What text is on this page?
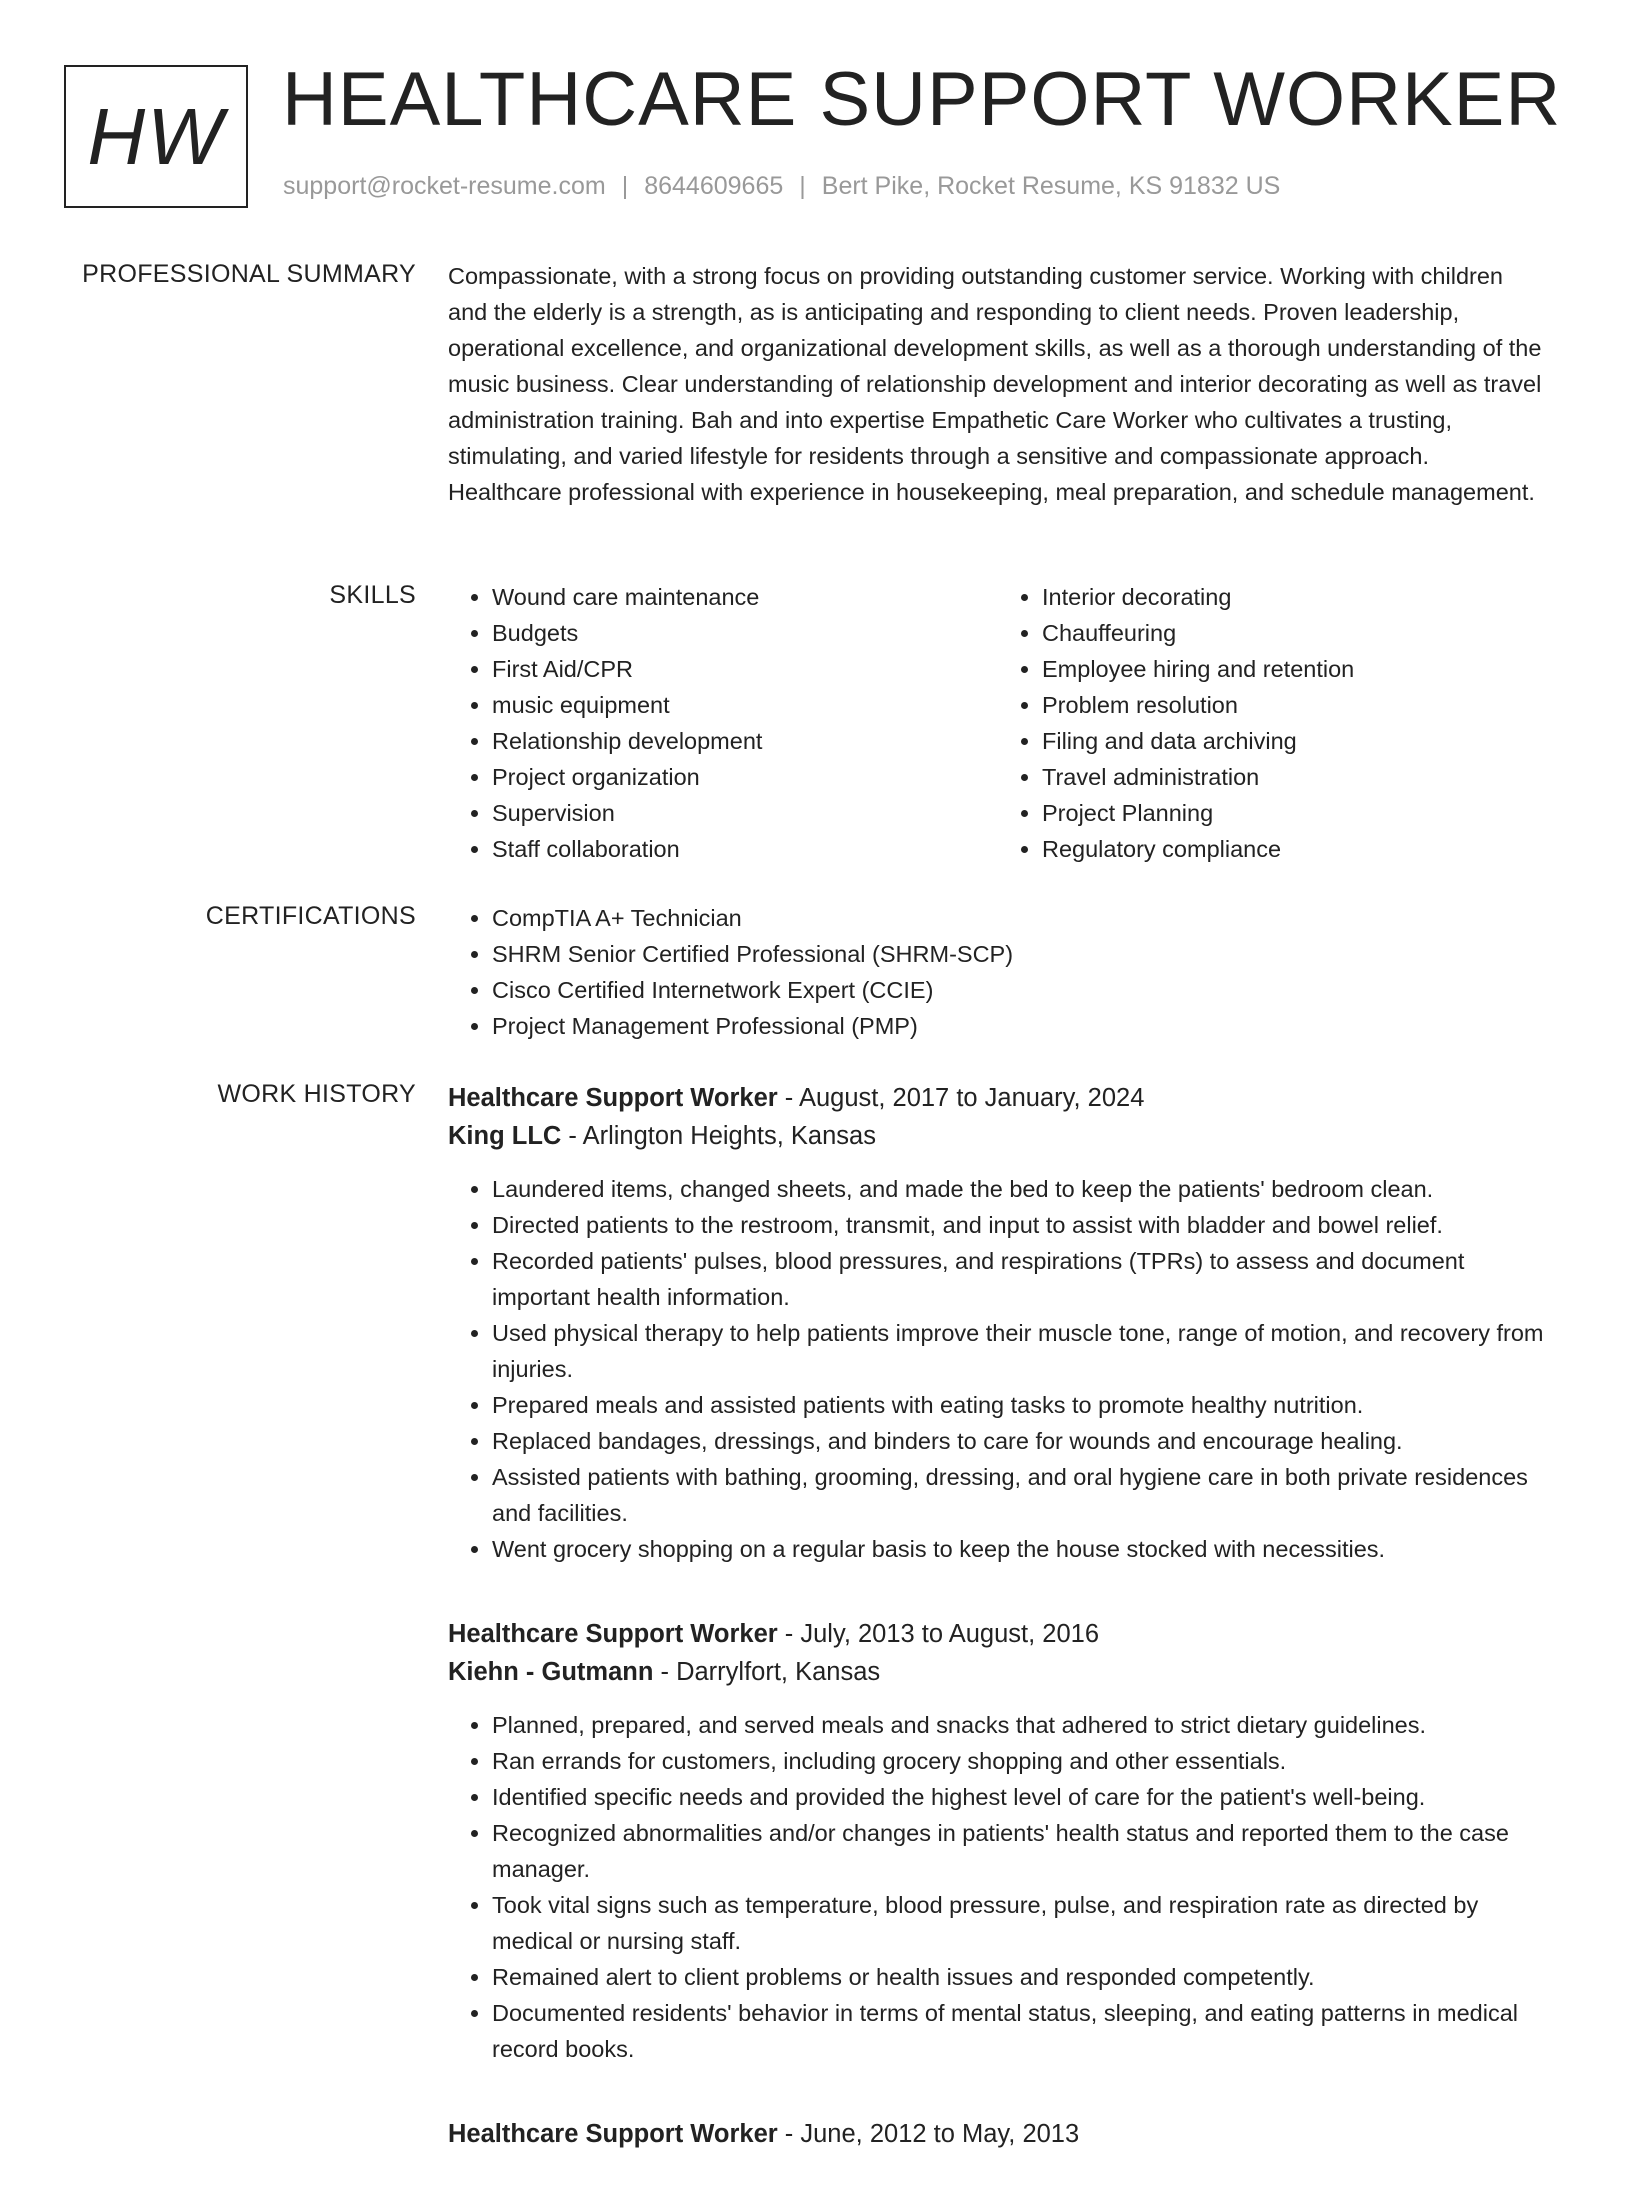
HW HEALTHCARE SUPPORT WORKER
support@rocket-resume.com | 8644609665 | Bert Pike, Rocket Resume, KS 91832 US
PROFESSIONAL SUMMARY Compassionate, with a strong focus on providing outstanding customer service. Working with children and the elderly is a strength, as is anticipating and responding to client needs. Proven leadership, operational excellence, and organizational development skills, as well as a thorough understanding of the music business. Clear understanding of relationship development and interior decorating as well as travel administration training. Bah and into expertise Empathetic Care Worker who cultivates a trusting, stimulating, and varied lifestyle for residents through a sensitive and compassionate approach. Healthcare professional with experience in housekeeping, meal preparation, and schedule management.
SKILLS	• Wound care maintenance
• Budgets
• First Aid/CPR
• music equipment
• Relationship development
• Project organization
• Supervision
• Staff collaboration
• Interior decorating
• Chauffeuring
• Employee hiring and retention
• Problem resolution
• Filing and data archiving
• Travel administration
• Project Planning
• Regulatory compliance
CERTIFICATIONS	• CompTIA A+ Technician
• SHRM Senior Certified Professional (SHRM-SCP)
• Cisco Certified Internetwork Expert (CCIE)
• Project Management Professional (PMP)
WORK HISTORY Healthcare Support Worker - August, 2017 to January, 2024
King LLC - Arlington Heights, Kansas
• Laundered items, changed sheets, and made the bed to keep the patients' bedroom clean.
• Directed patients to the restroom, transmit, and input to assist with bladder and bowel relief.
• Recorded patients' pulses, blood pressures, and respirations (TPRs) to assess and document important health information.
• Used physical therapy to help patients improve their muscle tone, range of motion, and recovery from injuries.
• Prepared meals and assisted patients with eating tasks to promote healthy nutrition.
• Replaced bandages, dressings, and binders to care for wounds and encourage healing.
• Assisted patients with bathing, grooming, dressing, and oral hygiene care in both private residences and facilities.
• Went grocery shopping on a regular basis to keep the house stocked with necessities.
Healthcare Support Worker - July, 2013 to August, 2016
Kiehn - Gutmann - Darrylfort, Kansas
• Planned, prepared, and served meals and snacks that adhered to strict dietary guidelines.
• Ran errands for customers, including grocery shopping and other essentials.
• Identified specific needs and provided the highest level of care for the patient's well-being.
• Recognized abnormalities and/or changes in patients' health status and reported them to the case manager.
• Took vital signs such as temperature, blood pressure, pulse, and respiration rate as directed by medical or nursing staff.
• Remained alert to client problems or health issues and responded competently.
• Documented residents' behavior in terms of mental status, sleeping, and eating patterns in medical record books.
Healthcare Support Worker - June, 2012 to May, 2013
